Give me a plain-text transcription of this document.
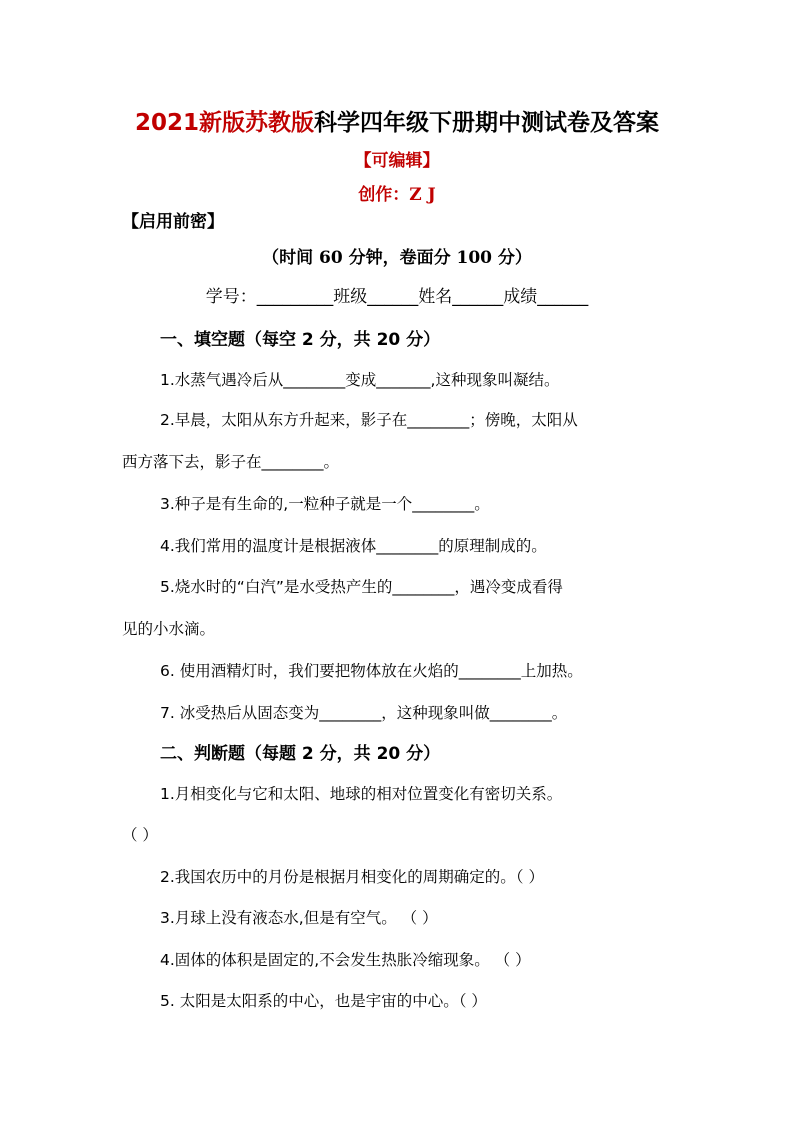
2021新版苏教版科学四年级下册期中测试卷及答案
【可编辑】
创作：Z J
【启用前密】
（时间 60 分钟，卷面分 100 分）
学号：_________班级______姓名______成绩______
一、填空题（每空 2 分，共 20 分）
1.水蒸气遇冷后从________变成_______,这种现象叫凝结。
2.早晨，太阳从东方升起来，影子在________；傍晚，太阳从
西方落下去，影子在________。
3.种子是有生命的,一粒种子就是一个________。
4.我们常用的温度计是根据液体________的原理制成的。
5.烧水时的“白汽”是水受热产生的________，遇冷变成看得
见的小水滴。
6. 使用酒精灯时，我们要把物体放在火焰的________上加热。
7. 冰受热后从固态变为________，这种现象叫做________。
二、判断题（每题 2 分，共 20 分）
1.月相变化与它和太阳、地球的相对位置变化有密切关系。
（ ）
2.我国农历中的月份是根据月相变化的周期确定的。（ ）
3.月球上没有液态水,但是有空气。 （ ）
4.固体的体积是固定的,不会发生热胀冷缩现象。 （ ）
5. 太阳是太阳系的中心，也是宇宙的中心。（ ）
